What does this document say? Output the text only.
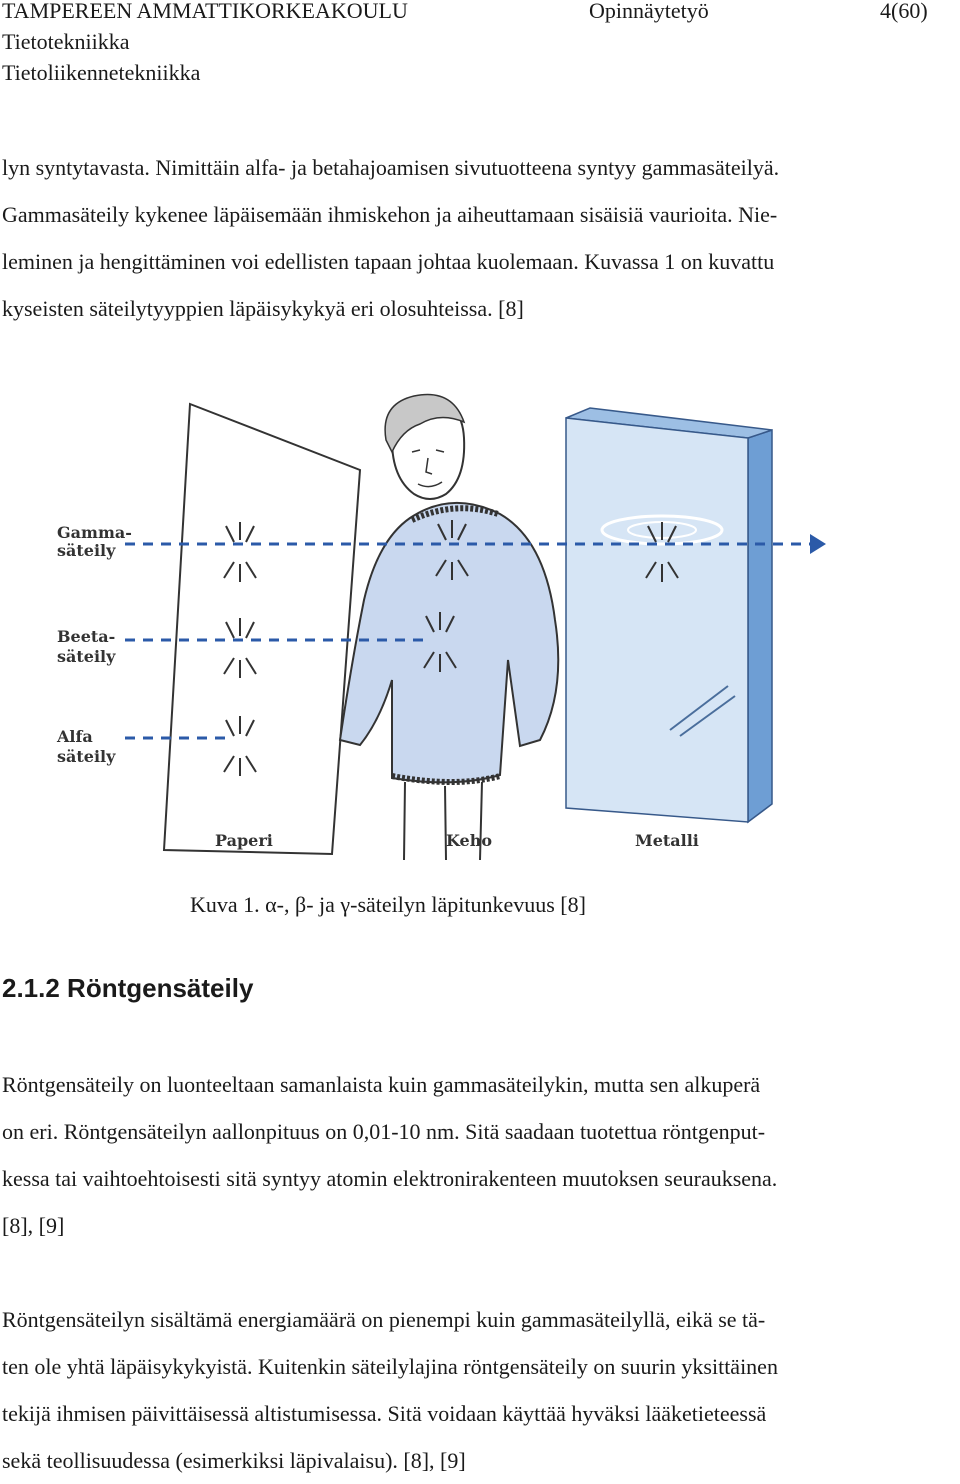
TAMPEREEN AMMATTIKORKEAKOULU	Opinnäytetyö	4(60)
Tietotekniikka
Tietoliikennetekniikka
lyn syntytavasta. Nimittäin alfa- ja betahajoamisen sivutuotteena syntyy gammasäteilyä.
Gammasäteily kykenee läpäisemään ihmiskehon ja aiheuttamaan sisäisiä vaurioita. Nie-
leminen ja hengittäminen voi edellisten tapaan johtaa kuolemaan. Kuvassa 1 on kuvattu
kyseisten säteilytyyppien läpäisykykyä eri olosuhteissa. [8]
Gamma-
säteily
Beeta-
säteily
Alfa
säteily
Paperi	Keho	Metalli
Kuva 1. α-, β- ja γ-säteilyn läpitunkevuus [8]
2.1.2 Röntgensäteily
Röntgensäteily on luonteeltaan samanlaista kuin gammasäteilykin, mutta sen alkuperä
on eri. Röntgensäteilyn aallonpituus on 0,01-10 nm. Sitä saadaan tuotettua röntgenput-
kessa tai vaihtoehtoisesti sitä syntyy atomin elektronirakenteen muutoksen seurauksena.
[8], [9]
Röntgensäteilyn sisältämä energiamäärä on pienempi kuin gammasäteilyllä, eikä se tä-
ten ole yhtä läpäisykykyistä. Kuitenkin säteilylajina röntgensäteily on suurin yksittäinen
tekijä ihmisen päivittäisessä altistumisessa. Sitä voidaan käyttää hyväksi lääketieteessä
sekä teollisuudessa (esimerkiksi läpivalaisu). [8], [9]
